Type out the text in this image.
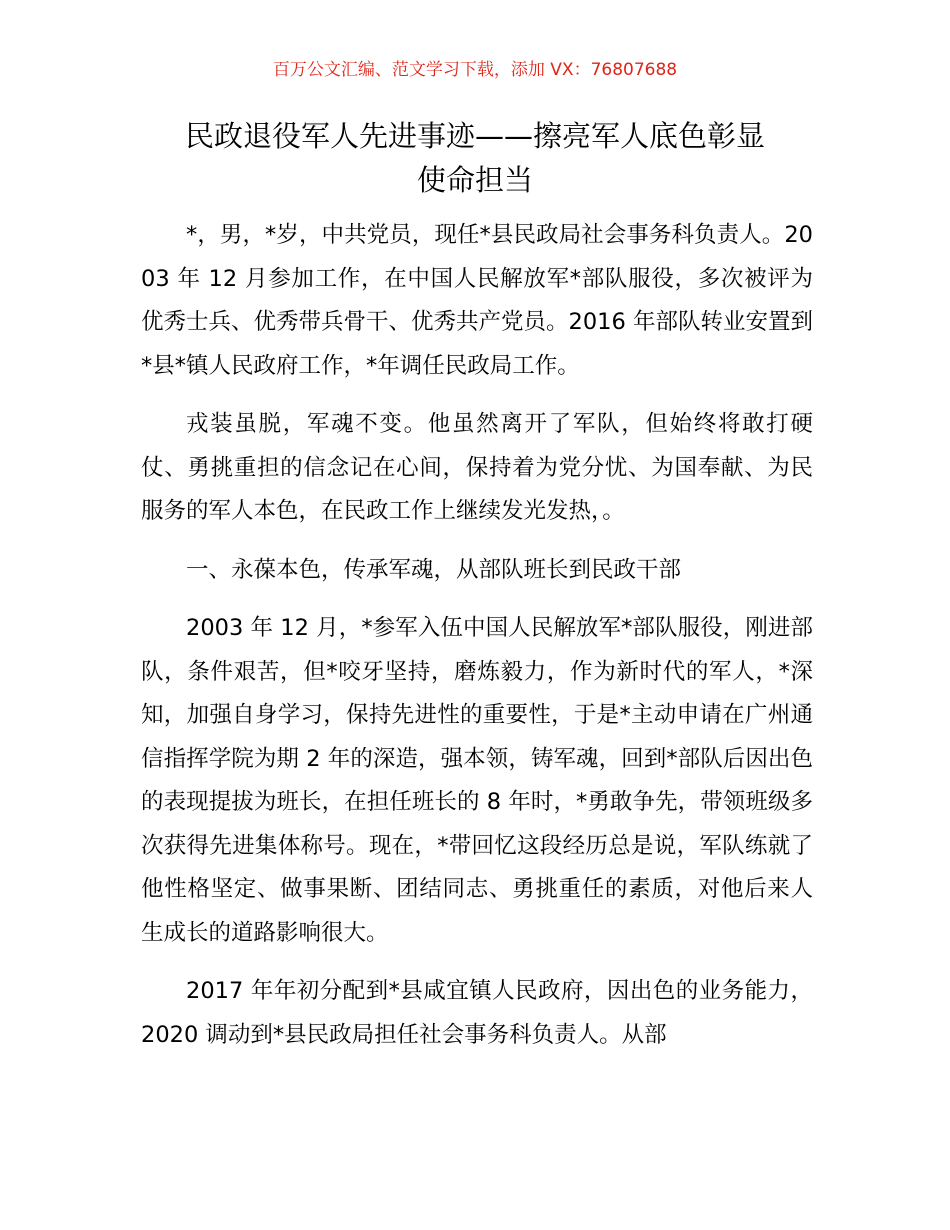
百万公文汇编、范文学习下载，添加 VX：76807688
民政退役军人先进事迹——擦亮军人底色彰显
使命担当

*，男，*岁，中共党员，现任*县民政局社会事务科负责人。2003 年 12 月参加工作，在中国人民解放军*部队服役，多次被评为优秀士兵、优秀带兵骨干、优秀共产党员。2016 年部队转业安置到*县*镇人民政府工作，*年调任民政局工作。

戎装虽脱，军魂不变。他虽然离开了军队，但始终将敢打硬仗、勇挑重担的信念记在心间，保持着为党分忧、为国奉献、为民服务的军人本色，在民政工作上继续发光发热，。

一、永葆本色，传承军魂，从部队班长到民政干部

2003 年 12 月，*参军入伍中国人民解放军*部队服役，刚进部队，条件艰苦，但*咬牙坚持，磨炼毅力，作为新时代的军人，*深知，加强自身学习，保持先进性的重要性，于是*主动申请在广州通信指挥学院为期 2 年的深造，强本领，铸军魂，回到*部队后因出色的表现提拔为班长，在担任班长的 8 年时，*勇敢争先，带领班级多次获得先进集体称号。现在，*带回忆这段经历总是说，军队练就了他性格坚定、做事果断、团结同志、勇挑重任的素质，对他后来人生成长的道路影响很大。

2017 年年初分配到*县咸宜镇人民政府，因出色的业务能力，2020 调动到*县民政局担任社会事务科负责人。从部
